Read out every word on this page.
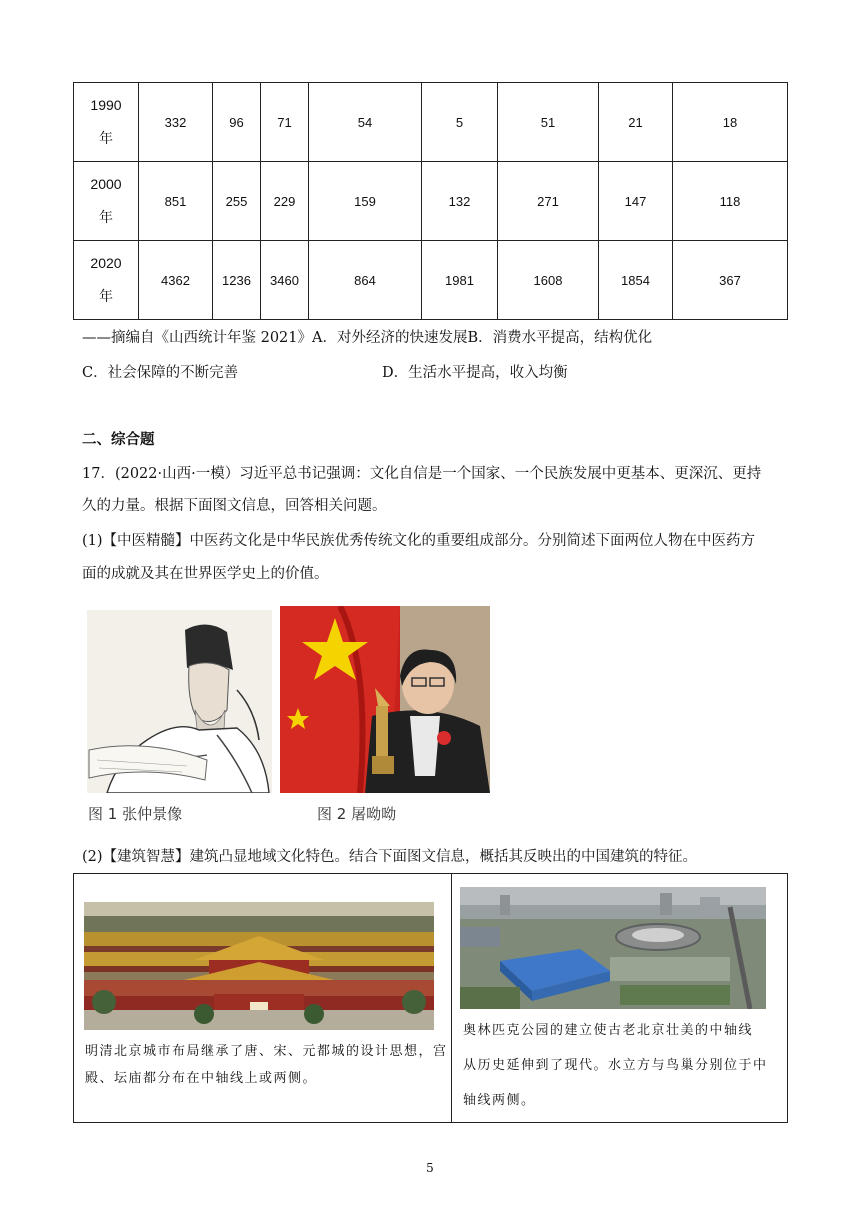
1990
年	332	96	71	54	5	51	21	18
2000
年	851	255	229	159	132	271	147	118
2020
年	4362	1236	3460	864	1981	1608	1854	367
——摘编自《山西统计年鉴 2021》A．对外经济的快速发展B．消费水平提高，结构优化
C．社会保障的不断完善	D．生活水平提高，收入均衡
二、综合题
17．(2022·山西·一模）习近平总书记强调：文化自信是一个国家、一个民族发展中更基本、更深沉、更持
久的力量。根据下面图文信息，回答相关问题。
(1)【中医精髓】中医药文化是中华民族优秀传统文化的重要组成部分。分别简述下面两位人物在中医药方
面的成就及其在世界医学史上的价值。
图 1 张仲景像	图 2 屠呦呦
(2)【建筑智慧】建筑凸显地域文化特色。结合下面图文信息，概括其反映出的中国建筑的特征。
明清北京城市布局继承了唐、宋、元都城的设计思想，宫
殿、坛庙都分布在中轴线上或两侧。
奥林匹克公园的建立使古老北京壮美的中轴线
从历史延伸到了现代。水立方与鸟巢分别位于中
轴线两侧。
5
